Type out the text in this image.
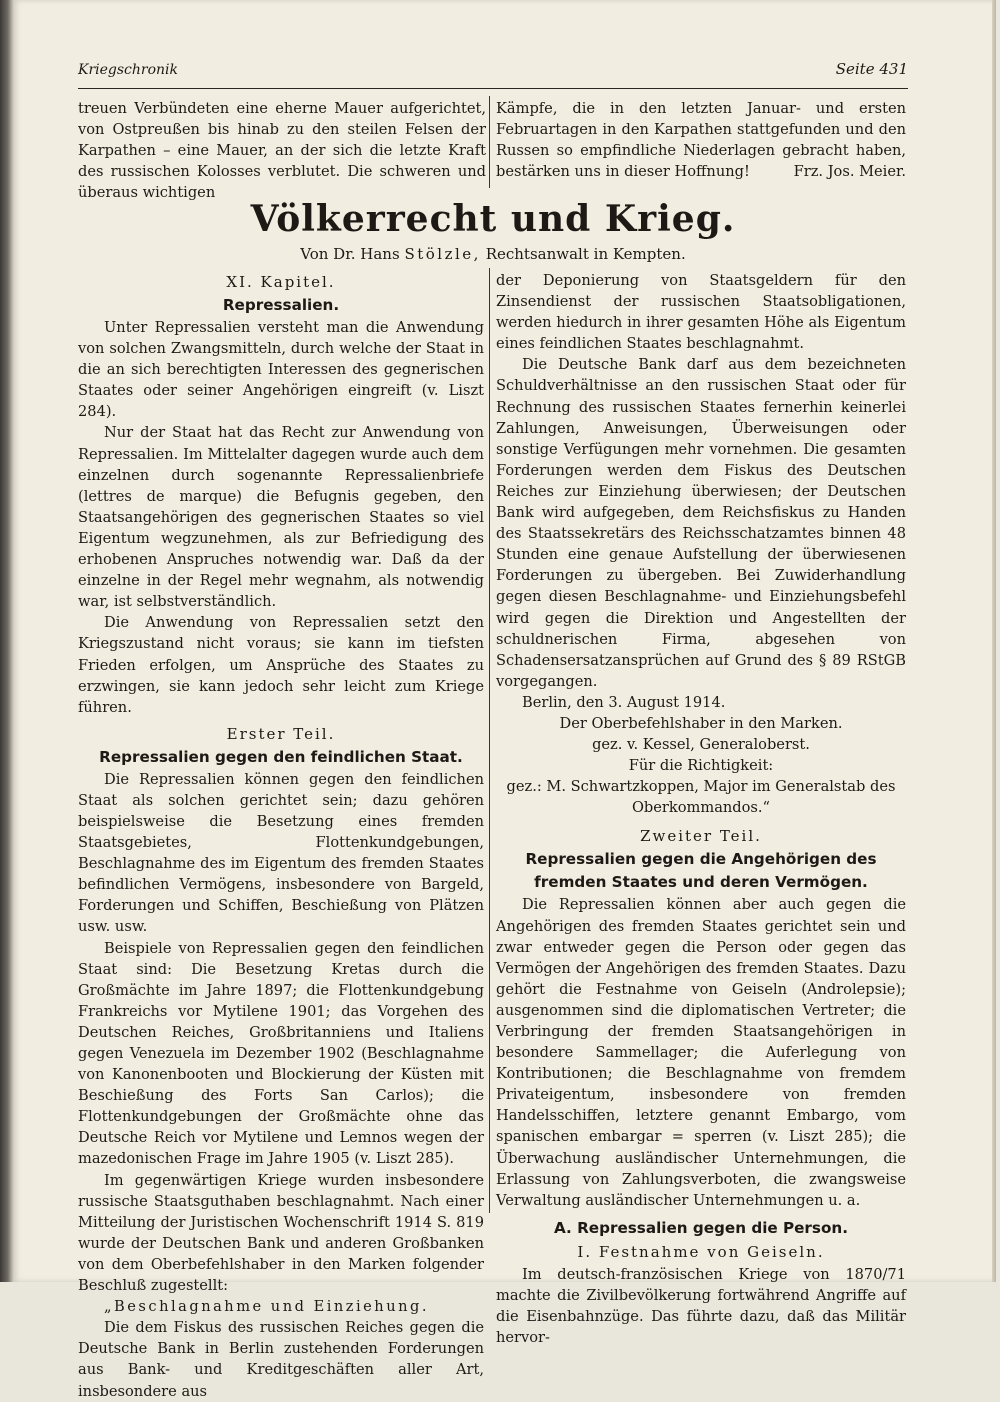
Kriegschronik	Seite 431

treuen Verbündeten eine eherne Mauer aufgerichtet, von Ostpreußen bis hinab zu den steilen Felsen der Karpathen – eine Mauer, an der sich die letzte Kraft des russischen Kolosses verblutet. Die schweren und überaus wichtigen

Kämpfe, die in den letzten Januar- und ersten Februartagen in den Karpathen stattgefunden und den Russen so empfindliche Niederlagen gebracht haben, bestärken uns in dieser Hoffnung!	Frz. Jos. Meier.

Völkerrecht und Krieg.
Von Dr. Hans Stölzle, Rechtsanwalt in Kempten.

XI. Kapitel.

Repressalien.

Unter Repressalien versteht man die Anwendung von solchen Zwangsmitteln, durch welche der Staat in die an sich berechtigten Interessen des gegnerischen Staates oder seiner Angehörigen eingreift (v. Liszt 284).

Nur der Staat hat das Recht zur Anwendung von Repressalien. Im Mittelalter dagegen wurde auch dem einzelnen durch sogenannte Repressalienbriefe (lettres de marque) die Befugnis gegeben, den Staatsangehörigen des gegnerischen Staates so viel Eigentum wegzunehmen, als zur Befriedigung des erhobenen Anspruches notwendig war. Daß da der einzelne in der Regel mehr wegnahm, als notwendig war, ist selbstverständlich.

Die Anwendung von Repressalien setzt den Kriegszustand nicht voraus; sie kann im tiefsten Frieden erfolgen, um Ansprüche des Staates zu erzwingen, sie kann jedoch sehr leicht zum Kriege führen.

Erster Teil.

Repressalien gegen den feindlichen Staat.

Die Repressalien können gegen den feindlichen Staat als solchen gerichtet sein; dazu gehören beispielsweise die Besetzung eines fremden Staatsgebietes, Flottenkundgebungen, Beschlagnahme des im Eigentum des fremden Staates befindlichen Vermögens, insbesondere von Bargeld, Forderungen und Schiffen, Beschießung von Plätzen usw. usw.

Beispiele von Repressalien gegen den feindlichen Staat sind: Die Besetzung Kretas durch die Großmächte im Jahre 1897; die Flottenkundgebung Frankreichs vor Mytilene 1901; das Vorgehen des Deutschen Reiches, Großbritanniens und Italiens gegen Venezuela im Dezember 1902 (Beschlagnahme von Kanonenbooten und Blockierung der Küsten mit Beschießung des Forts San Carlos); die Flottenkundgebungen der Großmächte ohne das Deutsche Reich vor Mytilene und Lemnos wegen der mazedonischen Frage im Jahre 1905 (v. Liszt 285).

Im gegenwärtigen Kriege wurden insbesondere russische Staatsguthaben beschlagnahmt. Nach einer Mitteilung der Juristischen Wochenschrift 1914 S. 819 wurde der Deutschen Bank und anderen Großbanken von dem Oberbefehlshaber in den Marken folgender Beschluß zugestellt:

„Beschlagnahme und Einziehung.

Die dem Fiskus des russischen Reiches gegen die Deutsche Bank in Berlin zustehenden Forderungen aus Bank- und Kreditgeschäften aller Art, insbesondere aus

der Deponierung von Staatsgeldern für den Zinsendienst der russischen Staatsobligationen, werden hiedurch in ihrer gesamten Höhe als Eigentum eines feindlichen Staates beschlagnahmt.

Die Deutsche Bank darf aus dem bezeichneten Schuldverhältnisse an den russischen Staat oder für Rechnung des russischen Staates fernerhin keinerlei Zahlungen, Anweisungen, Überweisungen oder sonstige Verfügungen mehr vornehmen. Die gesamten Forderungen werden dem Fiskus des Deutschen Reiches zur Einziehung überwiesen; der Deutschen Bank wird aufgegeben, dem Reichsfiskus zu Handen des Staatssekretärs des Reichsschatzamtes binnen 48 Stunden eine genaue Aufstellung der überwiesenen Forderungen zu übergeben. Bei Zuwiderhandlung gegen diesen Beschlagnahme- und Einziehungsbefehl wird gegen die Direktion und Angestellten der schuldnerischen Firma, abgesehen von Schadensersatzansprüchen auf Grund des § 89 RStGB vorgegangen.

Berlin, den 3. August 1914.

Der Oberbefehlshaber in den Marken.

gez. v. Kessel, Generaloberst.

Für die Richtigkeit:

gez.: M. Schwartzkoppen, Major im Generalstab des Oberkommandos.“

Zweiter Teil.

Repressalien gegen die Angehörigen des fremden Staates und deren Vermögen.

Die Repressalien können aber auch gegen die Angehörigen des fremden Staates gerichtet sein und zwar entweder gegen die Person oder gegen das Vermögen der Angehörigen des fremden Staates. Dazu gehört die Festnahme von Geiseln (Androlepsie); ausgenommen sind die diplomatischen Vertreter; die Verbringung der fremden Staatsangehörigen in besondere Sammellager; die Auferlegung von Kontributionen; die Beschlagnahme von fremdem Privateigentum, insbesondere von fremden Handelsschiffen, letztere genannt Embargo, vom spanischen embargar = sperren (v. Liszt 285); die Überwachung ausländischer Unternehmungen, die Erlassung von Zahlungsverboten, die zwangsweise Verwaltung ausländischer Unternehmungen u. a.

A. Repressalien gegen die Person.

I. Festnahme von Geiseln.

Im deutsch-französischen Kriege von 1870/71 machte die Zivilbevölkerung fortwährend Angriffe auf die Eisenbahnzüge. Das führte dazu, daß das Militär hervor-
